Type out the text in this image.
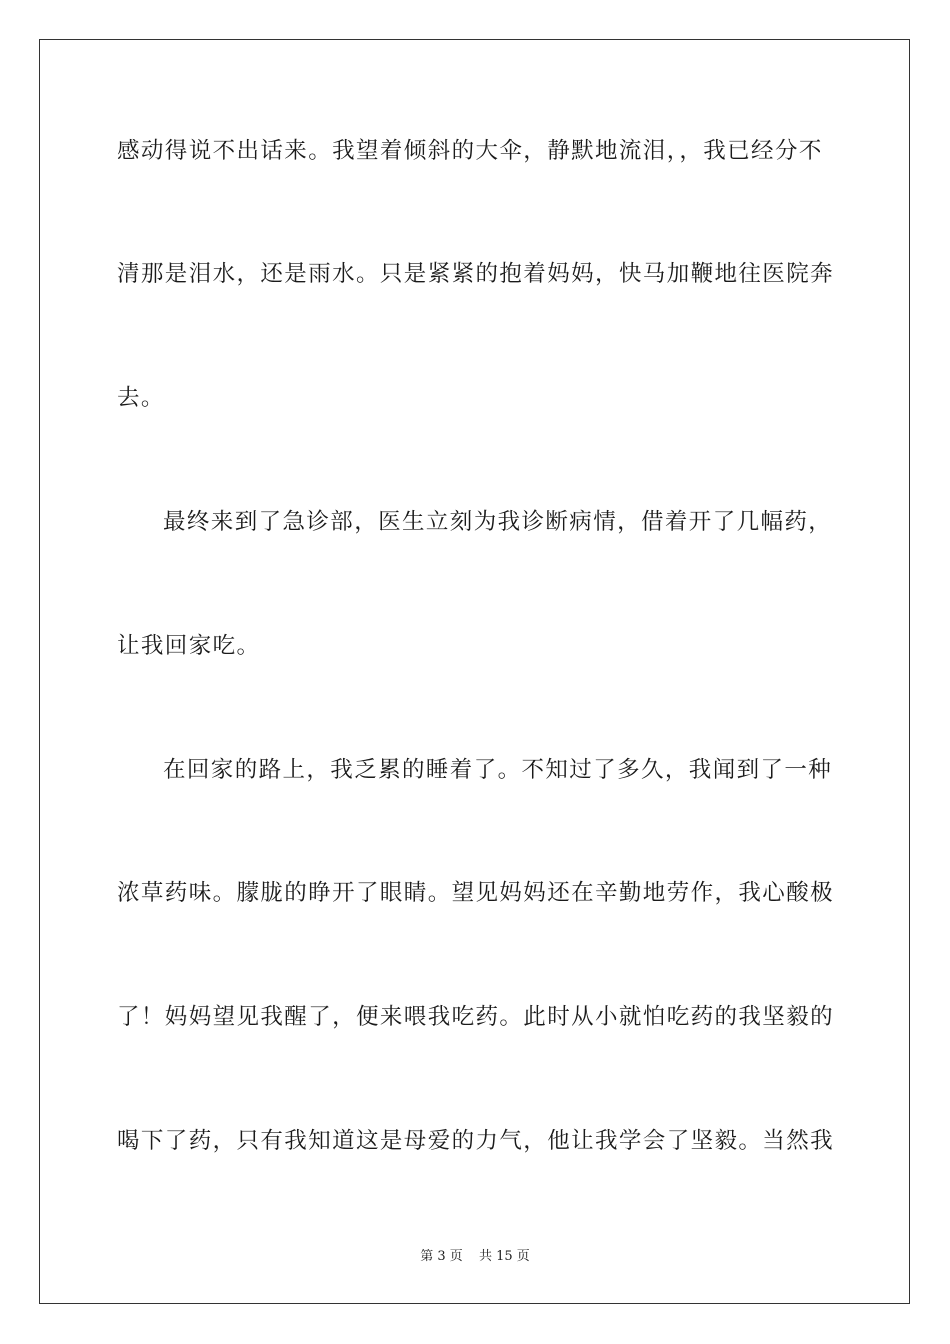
感动得说不出话来。我望着倾斜的大伞，静默地流泪，，我已经分不
清那是泪水，还是雨水。只是紧紧的抱着妈妈，快马加鞭地往医院奔
去。
最终来到了急诊部，医生立刻为我诊断病情，借着开了几幅药，
让我回家吃。
在回家的路上，我乏累的睡着了。不知过了多久，我闻到了一种
浓草药味。朦胧的睁开了眼睛。望见妈妈还在辛勤地劳作，我心酸极
了！妈妈望见我醒了，便来喂我吃药。此时从小就怕吃药的我坚毅的
喝下了药，只有我知道这是母爱的力气，他让我学会了坚毅。当然我
第 3 页 共 15 页
